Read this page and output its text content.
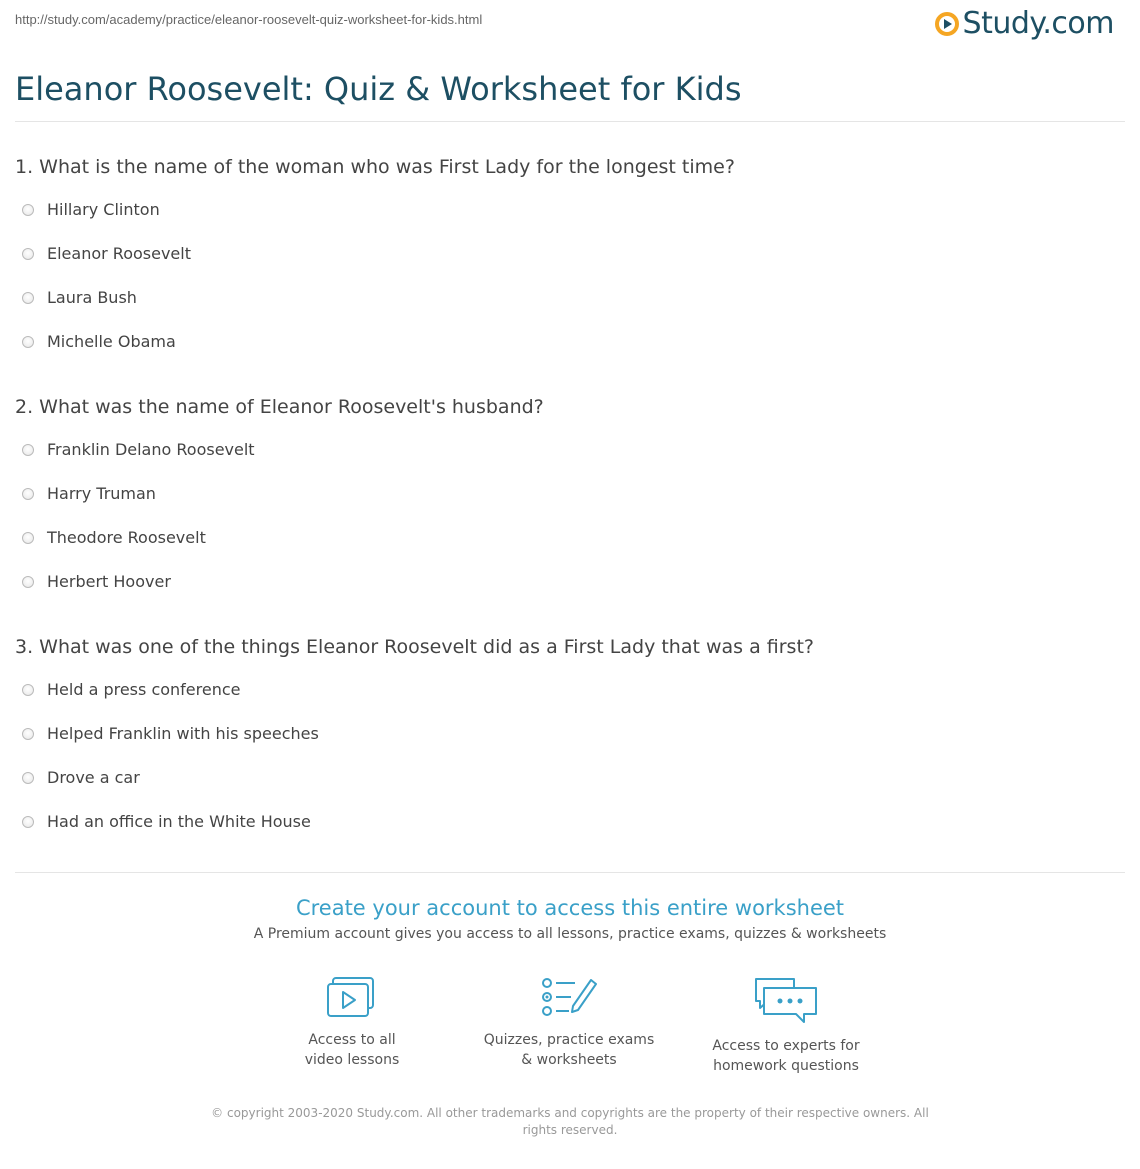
http://study.com/academy/practice/eleanor-roosevelt-quiz-worksheet-for-kids.html	Study.com
Eleanor Roosevelt: Quiz & Worksheet for Kids
1. What is the name of the woman who was First Lady for the longest time?
Hillary Clinton
Eleanor Roosevelt
Laura Bush
Michelle Obama
2. What was the name of Eleanor Roosevelt's husband?
Franklin Delano Roosevelt
Harry Truman
Theodore Roosevelt
Herbert Hoover
3. What was one of the things Eleanor Roosevelt did as a First Lady that was a first?
Held a press conference
Helped Franklin with his speeches
Drove a car
Had an office in the White House
Create your account to access this entire worksheet
A Premium account gives you access to all lessons, practice exams, quizzes & worksheets
Access to all
video lessons
Quizzes, practice exams
& worksheets
Access to experts for
homework questions
© copyright 2003-2020 Study.com. All other trademarks and copyrights are the property of their respective owners. All rights reserved.
